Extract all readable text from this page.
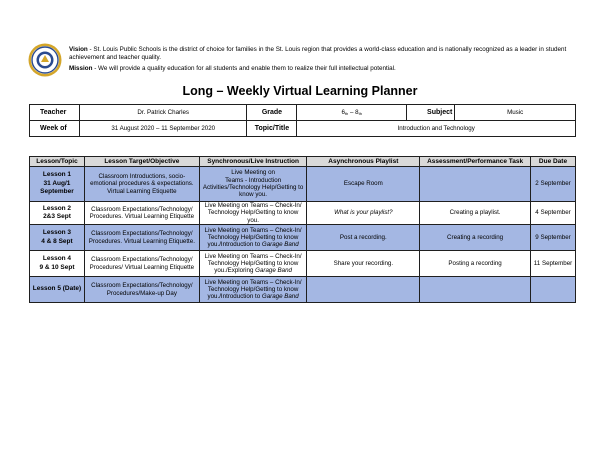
Vision - St. Louis Public Schools is the district of choice for families in the St. Louis region that provides a world-class education and is nationally recognized as a leader in student achievement and teacher quality.

Mission - We will provide a quality education for all students and enable them to realize their full intellectual potential.

Long – Weekly Virtual Learning Planner
Teacher	Dr. Patrick Charles	Grade	$6_{th} - 8_{th}$	Subject	Music
Week of	31 August 2020 – 11 September 2020	Topic/Title	Introduction and Technology		
Lesson/Topic	Lesson Target/Objective	Synchronous/Live Instruction	Asynchronous Playlist	Assessment/Performance Task	Due Date
Lesson 1
31 Aug/1
September	Classroom Introductions, socio-
emotional procedures & expectations.
Virtual Learning Etiquette	Live Meeting on
Teams - Introduction
Activities/Technology Help/Getting to
know you.	Escape Room		2 September
Lesson 2
2&3 Sept	Classroom Expectations/Technology/
Procedures. Virtual Learning Etiquette	Live Meeting on Teams – Check-In/
Technology Help/Getting to know you.	What is your playlist?	Creating a playlist.	4 September
Lesson 3
4 & 8 Sept	Classroom Expectations/Technology/
Procedures. Virtual Learning Etiquette.	Live Meeting on Teams – Check-In/
Technology Help/Getting to know
you./Introduction to Garage Band	Post a recording.	Creating a recording	9 September
Lesson 4
9 & 10 Sept	Classroom Expectations/Technology/
Procedures/ Virtual Learning Etiquette	Live Meeting on Teams – Check-In/
Technology Help/Getting to know
you./Exploring Garage Band	Share your recording.	Posting a recording	11 September
Lesson 5 (Date)	Classroom Expectations/Technology/
Procedures/Make-up Day	Live Meeting on Teams – Check-In/
Technology Help/Getting to know
you./Introduction to Garage Band			
